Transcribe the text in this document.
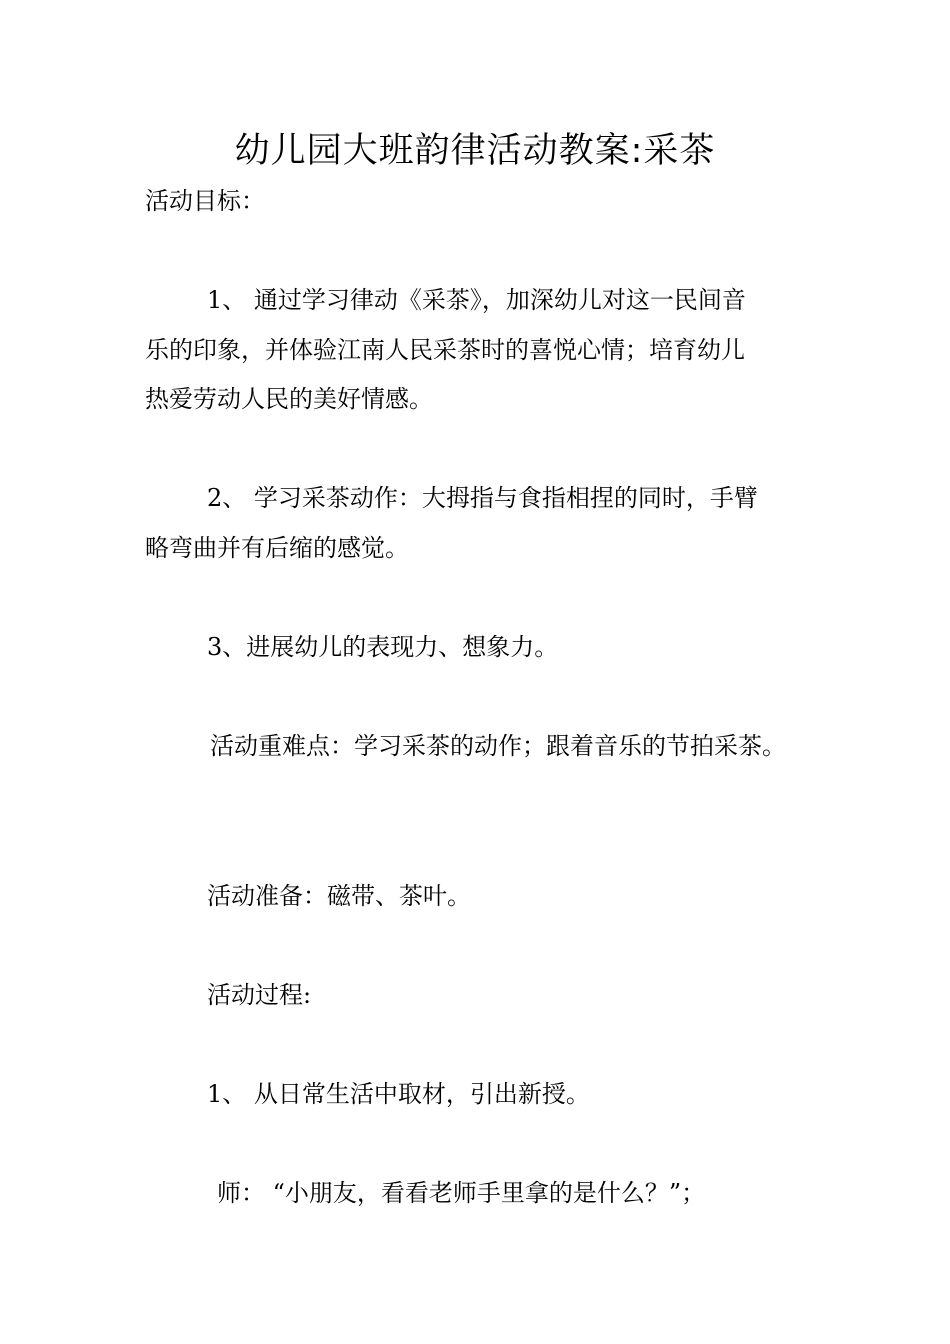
幼儿园大班韵律活动教案:采茶
活动目标：
1、 通过学习律动《采茶》，加深幼儿对这一民间音
乐的印象，并体验江南人民采茶时的喜悦心情；培育幼儿
热爱劳动人民的美好情感。
2、 学习采茶动作：大拇指与食指相捏的同时，手臂
略弯曲并有后缩的感觉。
3、进展幼儿的表现力、想象力。
活动重难点：学习采茶的动作；跟着音乐的节拍采茶。
活动准备：磁带、茶叶。
活动过程:
1、 从日常生活中取材，引出新授。
师： “小朋友，看看老师手里拿的是什么？”；
